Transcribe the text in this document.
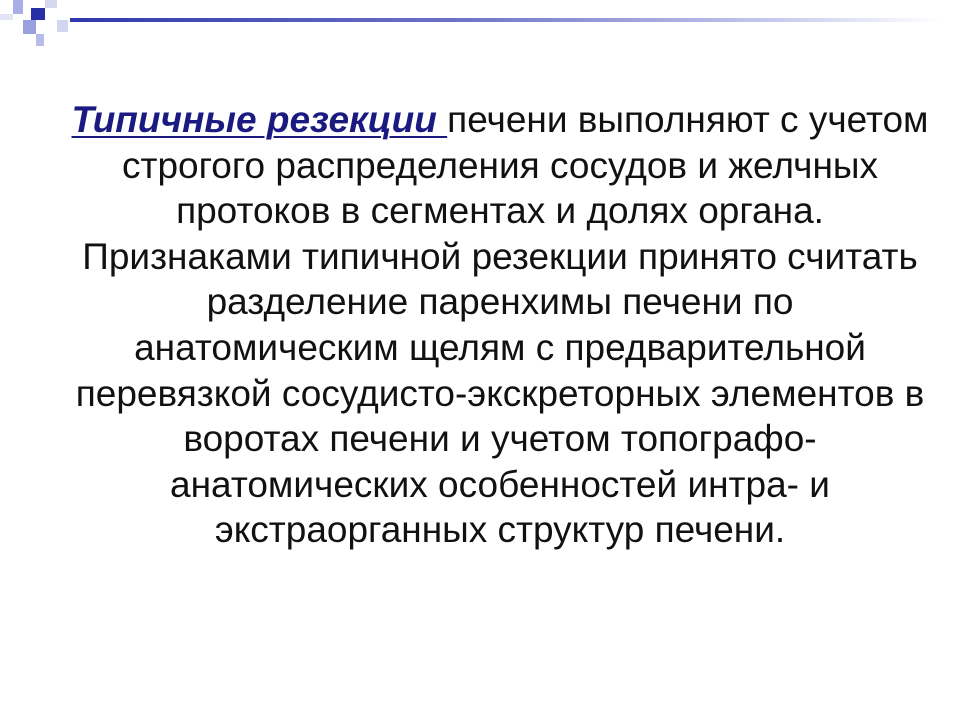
Типичные резекции печени выполняют с учетом строгого распределения сосудов и желчных протоков в сегментах и долях органа. Признаками типичной резекции принято считать разделение паренхимы печени по анатомическим щелям с предварительной перевязкой сосудисто-экскреторных элементов в воротах печени и учетом топографо-анатомических особенностей интра- и экстраорганных структур печени.
